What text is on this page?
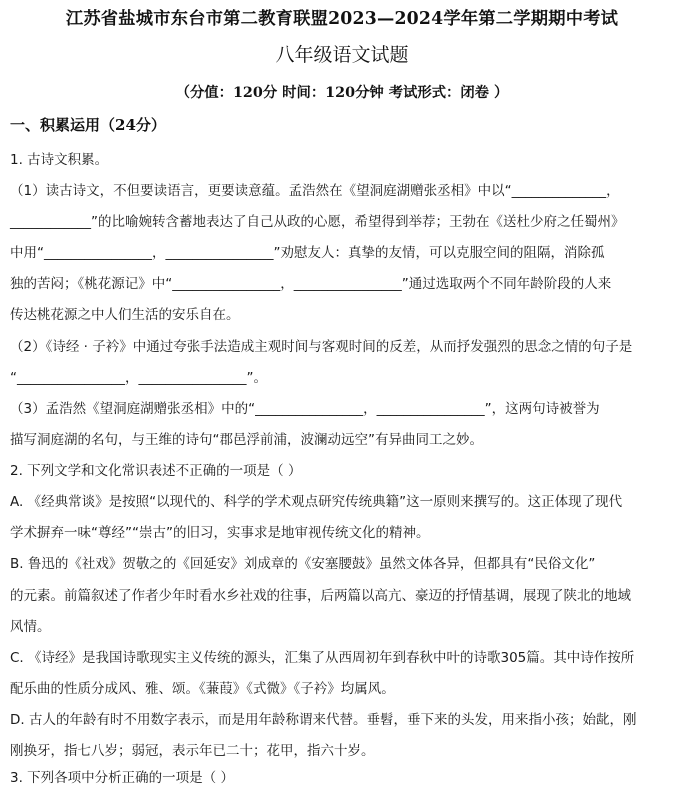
江苏省盐城市东台市第二教育联盟2023—2024学年第二学期期中考试
八年级语文试题
（分值：120分 时间：120分钟 考试形式：闭卷 ）
一、积累运用（24分）
1. 古诗文积累。
（1）读古诗文，不但要读语言，更要读意蕴。孟浩然在《望洞庭湖赠张丞相》中以“______________，
____________”的比喻婉转含蓄地表达了自己从政的心愿，希望得到举荐；王勃在《送杜少府之任蜀州》
中用“________________，________________”劝慰友人：真挚的友情，可以克服空间的阻隔，消除孤
独的苦闷；《桃花源记》中“________________，________________”通过选取两个不同年龄阶段的人来
传达桃花源之中人们生活的安乐自在。
（2）《诗经 · 子衿》中通过夸张手法造成主观时间与客观时间的反差，从而抒发强烈的思念之情的句子是
“________________，________________”。
（3）孟浩然《望洞庭湖赠张丞相》中的“________________，________________”，这两句诗被誉为
描写洞庭湖的名句，与王维的诗句“郡邑浮前浦，波澜动远空”有异曲同工之妙。
2. 下列文学和文化常识表述不正确的一项是（ ）
A. 《经典常谈》是按照“以现代的、科学的学术观点研究传统典籍”这一原则来撰写的。这正体现了现代
学术摒弃一味“尊经”“崇古”的旧习，实事求是地审视传统文化的精神。
B. 鲁迅的《社戏》贺敬之的《回延安》刘成章的《安塞腰鼓》虽然文体各异，但都具有“民俗文化”
的元素。前篇叙述了作者少年时看水乡社戏的往事，后两篇以高亢、豪迈的抒情基调，展现了陕北的地域
风情。
C. 《诗经》是我国诗歌现实主义传统的源头，汇集了从西周初年到春秋中叶的诗歌305篇。其中诗作按所
配乐曲的性质分成风、雅、颂。《蒹葭》《式微》《子衿》均属风。
D. 古人的年龄有时不用数字表示，而是用年龄称谓来代替。垂髫，垂下来的头发，用来指小孩；始龀，刚
刚换牙，指七八岁；弱冠，表示年已二十；花甲，指六十岁。
3. 下列各项中分析正确的一项是（ ）
